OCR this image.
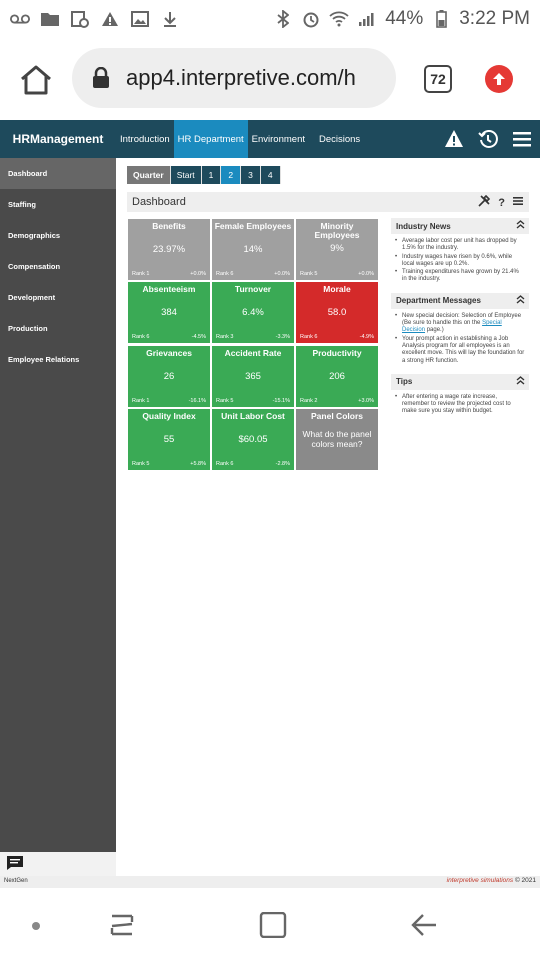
44% 3:22 PM
app4.interpretive.com/h	72
HRManagement	Introduction HR Department Environment	Decisions
Dashboard
Staffing
Demographics
Compensation
Development
Production
Employee Relations
Quarter	Start	1	2	3	4
Dashboard	?
Benefits
23.97%
Rank 1	+0.0%
Female Employees
14%
Rank 6	+0.0%
Minority Employees
9%
Rank 5	+0.0%
Absenteeism
384
Rank 6	-4.5%
Turnover
6.4%
Rank 3	-3.3%
Morale
58.0
Rank 6	-4.9%
Grievances
26
Rank 1	-16.1%
Accident Rate
365
Rank 5	-15.1%
Productivity
206
Rank 2	+3.0%
Quality Index
55
Rank 5	+5.8%
Unit Labor Cost
$60.05
Rank 6	-2.8%
Panel Colors
What do the panel colors mean?
Industry News
• Average labor cost per unit has dropped by 1.5% for the industry.
• Industry wages have risen by 0.6%, while local wages are up 0.2%.
• Training expenditures have grown by 21.4% in the industry.
Department Messages
• New special decision: Selection of Employee (Be sure to handle this on the Special Decision page.)
• Your prompt action in establishing a Job Analysis program for all employees is an excellent move. This will lay the foundation for a strong HR function.
Tips
• After entering a wage rate increase, remember to review the projected cost to make sure you stay within budget.
NextGen	interpretive simulations © 2021
